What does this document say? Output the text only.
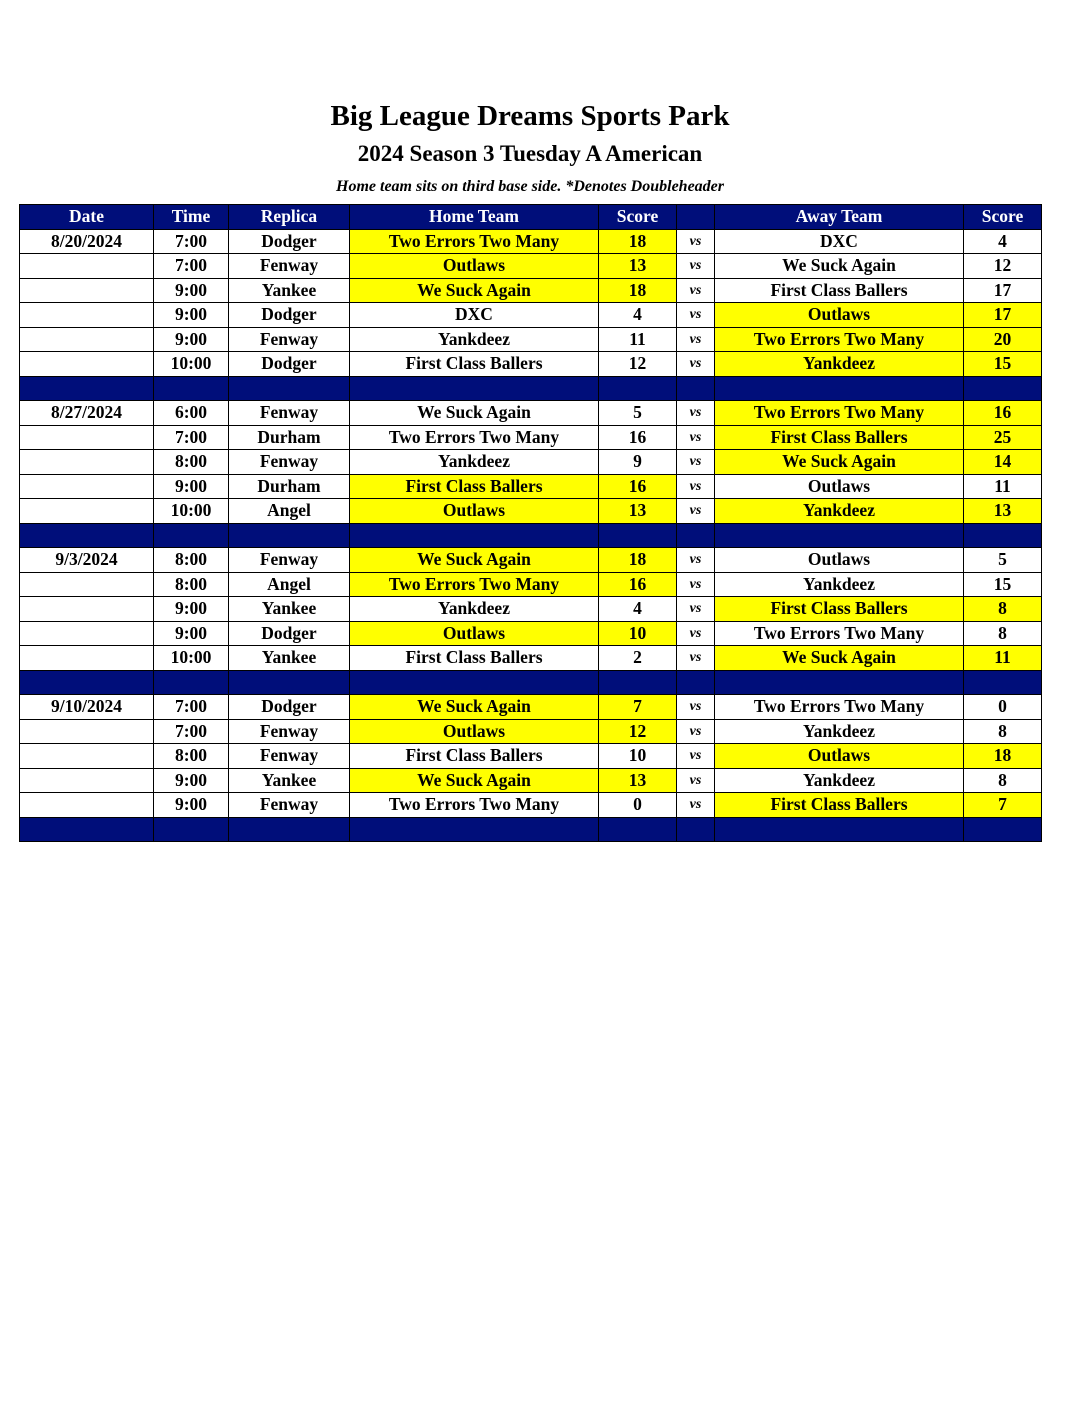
Big League Dreams Sports Park
2024 Season 3 Tuesday A American
Home team sits on third base side. *Denotes Doubleheader
Date	Time	Replica	Home Team	Score		Away Team	Score
8/20/2024	7:00	Dodger	Two Errors Two Many	18	vs	DXC	4
	7:00	Fenway	Outlaws	13	vs	We Suck Again	12
	9:00	Yankee	We Suck Again	18	vs	First Class Ballers	17
	9:00	Dodger	DXC	4	vs	Outlaws	17
	9:00	Fenway	Yankdeez	11	vs	Two Errors Two Many	20
	10:00	Dodger	First Class Ballers	12	vs	Yankdeez	15

8/27/2024	6:00	Fenway	We Suck Again	5	vs	Two Errors Two Many	16
	7:00	Durham	Two Errors Two Many	16	vs	First Class Ballers	25
	8:00	Fenway	Yankdeez	9	vs	We Suck Again	14
	9:00	Durham	First Class Ballers	16	vs	Outlaws	11
	10:00	Angel	Outlaws	13	vs	Yankdeez	13

9/3/2024	8:00	Fenway	We Suck Again	18	vs	Outlaws	5
	8:00	Angel	Two Errors Two Many	16	vs	Yankdeez	15
	9:00	Yankee	Yankdeez	4	vs	First Class Ballers	8
	9:00	Dodger	Outlaws	10	vs	Two Errors Two Many	8
	10:00	Yankee	First Class Ballers	2	vs	We Suck Again	11

9/10/2024	7:00	Dodger	We Suck Again	7	vs	Two Errors Two Many	0
	7:00	Fenway	Outlaws	12	vs	Yankdeez	8
	8:00	Fenway	First Class Ballers	10	vs	Outlaws	18
	9:00	Yankee	We Suck Again	13	vs	Yankdeez	8
	9:00	Fenway	Two Errors Two Many	0	vs	First Class Ballers	7
